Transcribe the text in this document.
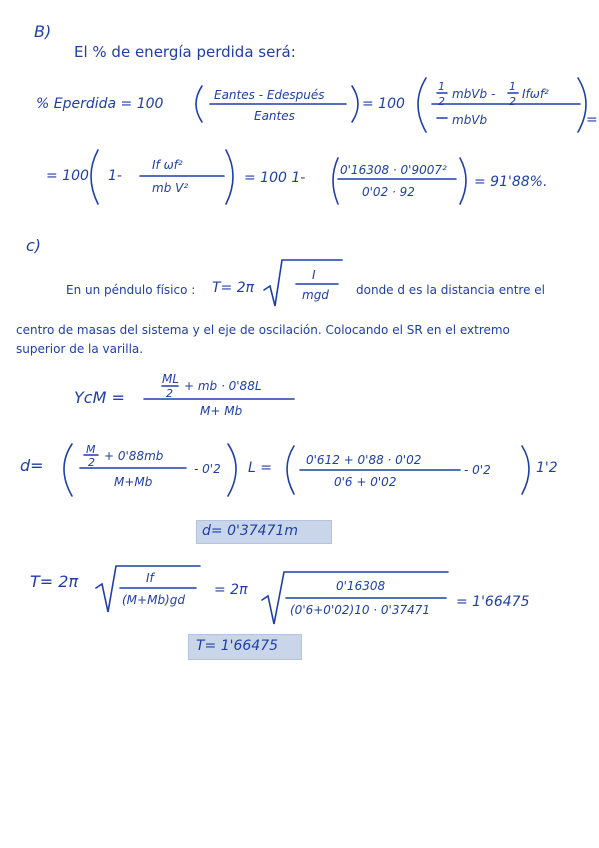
B)
El % de energía perdida será:
% Eperdida = 100
Eantes - Edespués
Eantes
= 100
1
2
mbVb -
1
2
Ifωf²
mbVb	=
= 100 1-
If ωf²
mb V²
= 100 1-	0'16308 · 0'9007²
0'02 · 92
= 91'88%.
c)
En un péndulo físico : T= 2π
I
mgd donde d es la distancia entre el
centro de masas del sistema y el eje de oscilación. Colocando el SR en el extremo
superior de la varilla.
YcM =
ML
2
+ mb · 0'88L
M+ Mb
d=
M
2 + 0'88mb
M+Mb
- 0'2 L =	0'612 + 0'88 · 0'02
0'6 + 0'02
- 0'2	1'2
d= 0'37471m
T= 2π	If
(M+Mb)gd
= 2π	0'16308
(0'6+0'02)10 · 0'37471 = 1'66475
T= 1'66475
